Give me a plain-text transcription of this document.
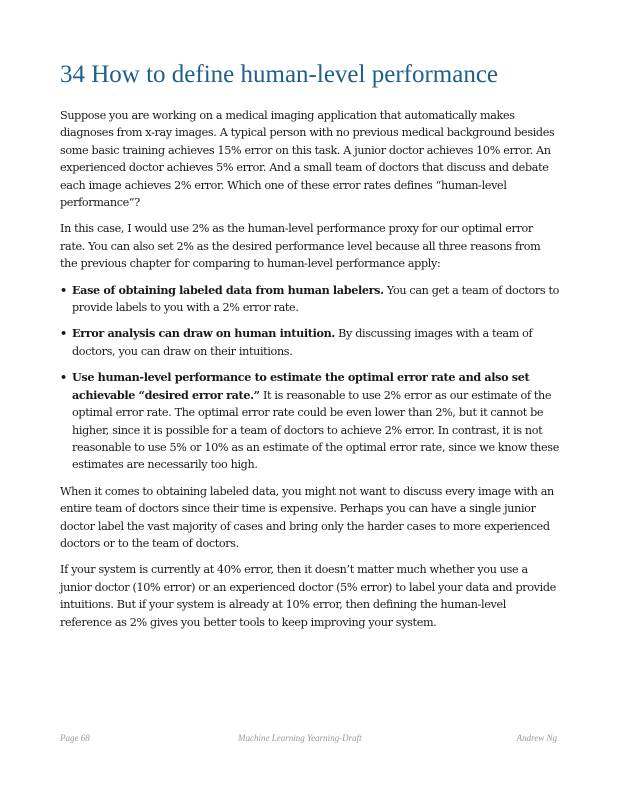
34 How to define human-level performance

Suppose you are working on a medical imaging application that automatically makes diagnoses from x-ray images. A typical person with no previous medical background besides some basic training achieves 15% error on this task. A junior doctor achieves 10% error. An experienced doctor achieves 5% error. And a small team of doctors that discuss and debate each image achieves 2% error. Which one of these error rates defines “human-level performance”?

In this case, I would use 2% as the human-level performance proxy for our optimal error rate. You can also set 2% as the desired performance level because all three reasons from the previous chapter for comparing to human-level performance apply:

• Ease of obtaining labeled data from human labelers. You can get a team of doctors to provide labels to you with a 2% error rate.
• Error analysis can draw on human intuition. By discussing images with a team of doctors, you can draw on their intuitions.
• Use human-level performance to estimate the optimal error rate and also set achievable “desired error rate.” It is reasonable to use 2% error as our estimate of the optimal error rate. The optimal error rate could be even lower than 2%, but it cannot be higher, since it is possible for a team of doctors to achieve 2% error. In contrast, it is not reasonable to use 5% or 10% as an estimate of the optimal error rate, since we know these estimates are necessarily too high.

When it comes to obtaining labeled data, you might not want to discuss every image with an entire team of doctors since their time is expensive. Perhaps you can have a single junior doctor label the vast majority of cases and bring only the harder cases to more experienced doctors or to the team of doctors.

If your system is currently at 40% error, then it doesn’t matter much whether you use a junior doctor (10% error) or an experienced doctor (5% error) to label your data and provide intuitions. But if your system is already at 10% error, then defining the human-level reference as 2% gives you better tools to keep improving your system.

Page 68	Machine Learning Yearning-Draft	Andrew Ng
